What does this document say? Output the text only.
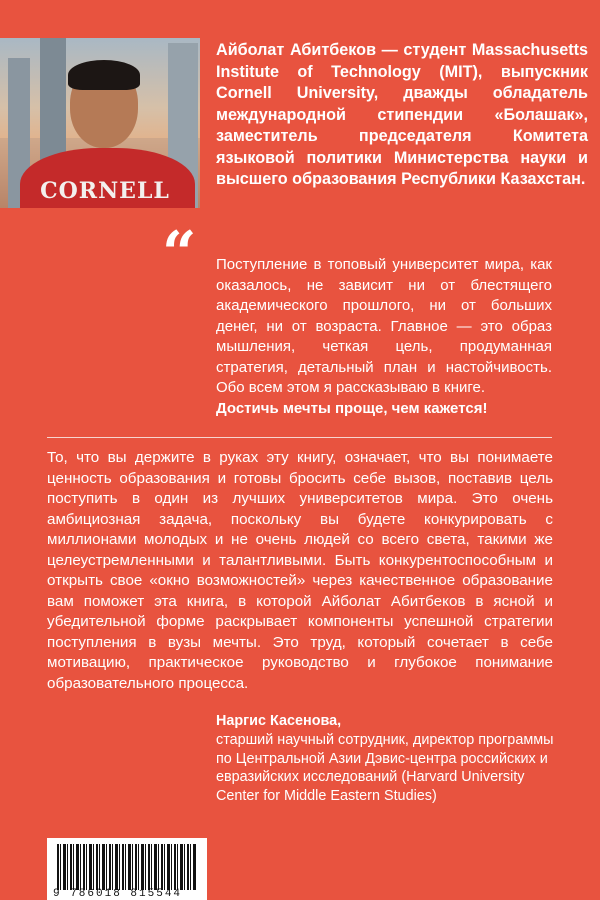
CORNELL
Айболат Абитбеков — студент Massachusetts Institute of Technology (MIT), выпускник Cornell University, дважды обладатель международной стипендии «Болашак», заместитель председателя Комитета языковой политики Министерства науки и высшего образования Республики Казахстан.
“ Поступление в топовый университет мира, как оказалось, не зависит ни от блестящего академического прошлого, ни от больших денег, ни от возраста. Главное — это образ мышления, четкая цель, продуманная стратегия, детальный план и настойчивость. Обо всем этом я рассказываю в книге.
Достичь мечты проще, чем кажется!
То, что вы держите в руках эту книгу, означает, что вы понимаете ценность образования и готовы бросить себе вызов, поставив цель поступить в один из лучших университетов мира. Это очень амбициозная задача, поскольку вы будете конкурировать с миллионами молодых и не очень людей со всего света, такими же целеустремленными и талантливыми. Быть конкурентоспособным и открыть свое «окно возможностей» через качественное образование вам поможет эта книга, в которой Айболат Абитбеков в ясной и убедительной форме раскрывает компоненты успешной стратегии поступления в вузы мечты. Это труд, который сочетает в себе мотивацию, практическое руководство и глубокое понимание образовательного процесса.
Наргис Касенова,
старший научный сотрудник, директор программы по Центральной Азии Дэвис-центра российских и евразийских исследований (Harvard University Center for Middle Eastern Studies)
9 786018 815544
